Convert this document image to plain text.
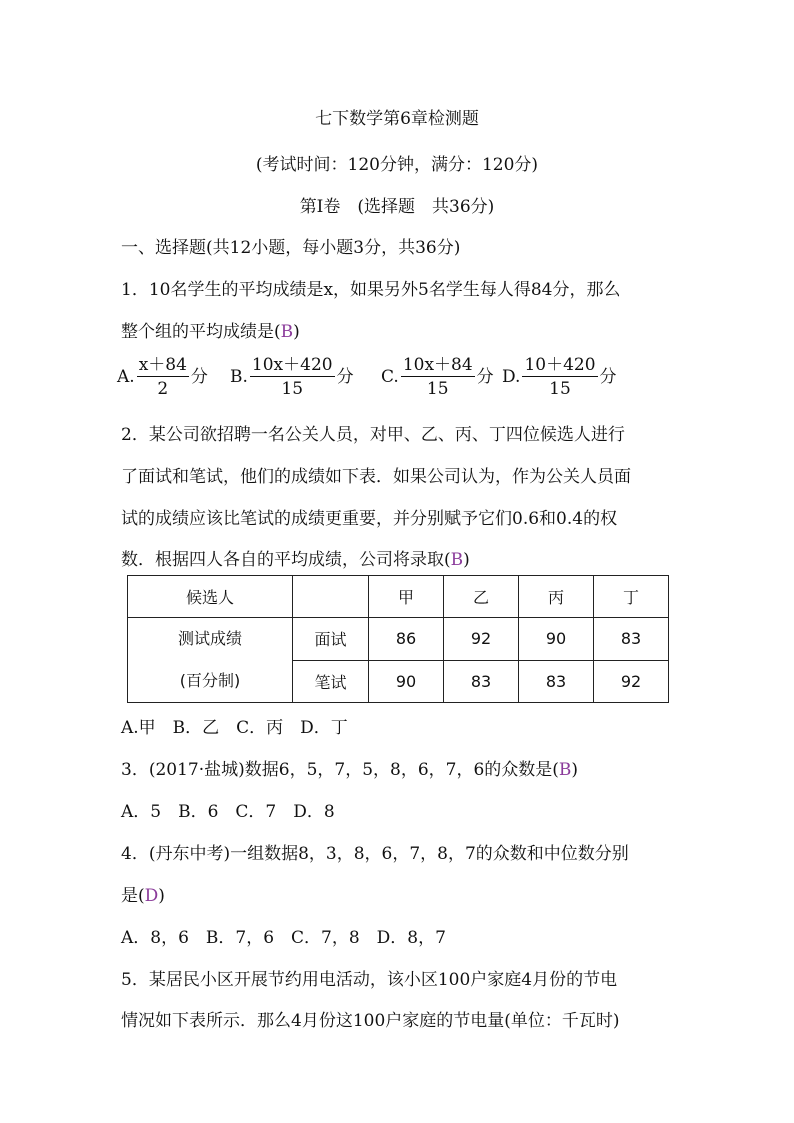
七下数学第6章检测题
(考试时间：120分钟，满分：120分)
第Ⅰ卷　(选择题　共36分)
一、选择题(共12小题，每小题3分，共36分)
1．10名学生的平均成绩是x，如果另外5名学生每人得84分，那么
整个组的平均成绩是(B)
A. $\frac{x+84}{2}$ 分 B. $\frac{10x+420}{15}$ 分 C. $\frac{10x+84}{15}$ 分 D. $\frac{10+420}{15}$ 分
2．某公司欲招聘一名公关人员，对甲、乙、丙、丁四位候选人进行
了面试和笔试，他们的成绩如下表．如果公司认为，作为公关人员面
试的成绩应该比笔试的成绩更重要，并分别赋予它们0.6和0.4的权
数．根据四人各自的平均成绩，公司将录取(B)
候选人		甲	乙	丙	丁

测试成绩
(百分制)	面试	86	92	90	83
	笔试	90	83	83	92
A.甲　B．乙　C．丙　D．丁
3．(2017·盐城)数据6，5，7，5，8，6，7，6的众数是(B)
A．5　B．6　C．7　D．8
4．(丹东中考)一组数据8，3，8，6，7，8，7的众数和中位数分别
是(D)
A．8，6　B．7，6　C．7，8　D．8，7
5．某居民小区开展节约用电活动，该小区100户家庭4月份的节电
情况如下表所示．那么4月份这100户家庭的节电量(单位：千瓦时)
